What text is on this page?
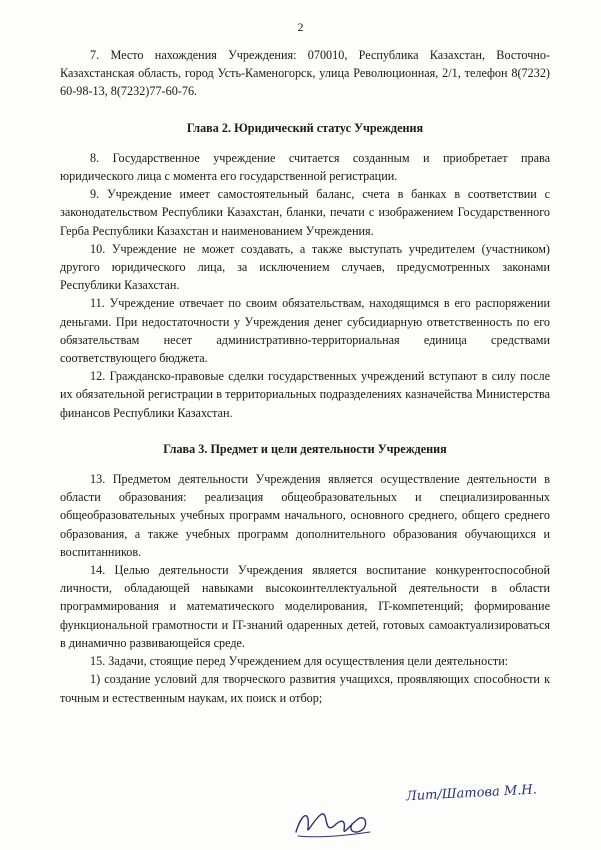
2

7. Место нахождения Учреждения: 070010, Республика Казахстан, Восточно-Казахстанская область, город Усть-Каменогорск, улица Революционная, 2/1, телефон 8(7232) 60-98-13, 8(7232)77-60-76.

Глава 2. Юридический статус Учреждения

8. Государственное учреждение считается созданным и приобретает права юридического лица с момента его государственной регистрации.

9. Учреждение имеет самостоятельный баланс, счета в банках в соответствии с законодательством Республики Казахстан, бланки, печати с изображением Государственного Герба Республики Казахстан и наименованием Учреждения.

10. Учреждение не может создавать, а также выступать учредителем (участником) другого юридического лица, за исключением случаев, предусмотренных законами Республики Казахстан.

11. Учреждение отвечает по своим обязательствам, находящимся в его распоряжении деньгами. При недостаточности у Учреждения денег субсидиарную ответственность по его обязательствам несет административно-территориальная единица средствами соответствующего бюджета.

12. Гражданско-правовые сделки государственных учреждений вступают в силу после их обязательной регистрации в территориальных подразделениях казначейства Министерства финансов Республики Казахстан.

Глава 3. Предмет и цели деятельности Учреждения

13. Предметом деятельности Учреждения является осуществление деятельности в области образования: реализация общеобразовательных и специализированных общеобразовательных учебных программ начального, основного среднего, общего среднего образования, а также учебных программ дополнительного образования обучающихся и воспитанников.

14. Целью деятельности Учреждения является воспитание конкурентоспособной личности, обладающей навыками высокоинтеллектуальной деятельности в области программирования и математического моделирования, IT-компетенций; формирование функциональной грамотности и IT-знаний одаренных детей, готовых самоактуализироваться в динамично развивающейся среде.

15. Задачи, стоящие перед Учреждением для осуществления цели деятельности:

1) создание условий для творческого развития учащихся, проявляющих способности к точным и естественным наукам, их поиск и отбор;

Лит/Шатова М.Н.
